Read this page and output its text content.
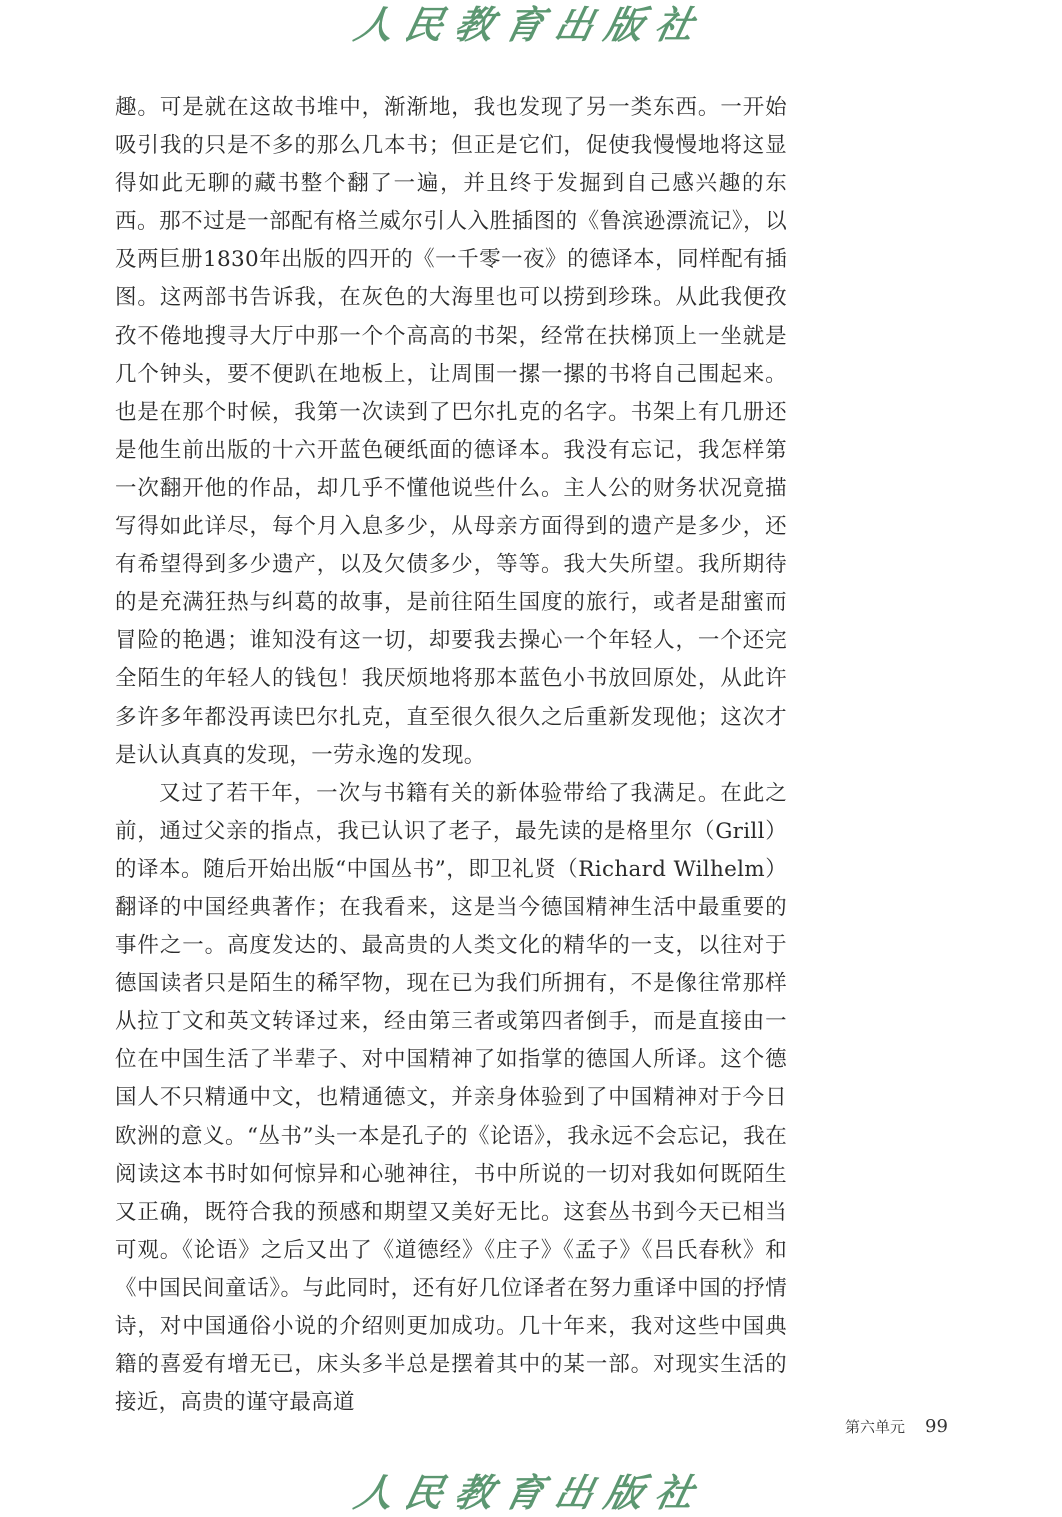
人民教育出版社

趣。可是就在这故书堆中，渐渐地，我也发现了另一类东西。一开始吸引我的只是不多的那么几本书；但正是它们，促使我慢慢地将这显得如此无聊的藏书整个翻了一遍，并且终于发掘到自己感兴趣的东西。那不过是一部配有格兰威尔引人入胜插图的《鲁滨逊漂流记》，以及两巨册1830年出版的四开的《一千零一夜》的德译本，同样配有插图。这两部书告诉我，在灰色的大海里也可以捞到珍珠。从此我便孜孜不倦地搜寻大厅中那一个个高高的书架，经常在扶梯顶上一坐就是几个钟头，要不便趴在地板上，让周围一摞一摞的书将自己围起来。也是在那个时候，我第一次读到了巴尔扎克的名字。书架上有几册还是他生前出版的十六开蓝色硬纸面的德译本。我没有忘记，我怎样第一次翻开他的作品，却几乎不懂他说些什么。主人公的财务状况竟描写得如此详尽，每个月入息多少，从母亲方面得到的遗产是多少，还有希望得到多少遗产，以及欠债多少，等等。我大失所望。我所期待的是充满狂热与纠葛的故事，是前往陌生国度的旅行，或者是甜蜜而冒险的艳遇；谁知没有这一切，却要我去操心一个年轻人，一个还完全陌生的年轻人的钱包！我厌烦地将那本蓝色小书放回原处，从此许多许多年都没再读巴尔扎克，直至很久很久之后重新发现他；这次才是认认真真的发现，一劳永逸的发现。

又过了若干年，一次与书籍有关的新体验带给了我满足。在此之前，通过父亲的指点，我已认识了老子，最先读的是格里尔（Grill）的译本。随后开始出版“中国丛书”，即卫礼贤（Richard Wilhelm）翻译的中国经典著作；在我看来，这是当今德国精神生活中最重要的事件之一。高度发达的、最高贵的人类文化的精华的一支，以往对于德国读者只是陌生的稀罕物，现在已为我们所拥有，不是像往常那样从拉丁文和英文转译过来，经由第三者或第四者倒手，而是直接由一位在中国生活了半辈子、对中国精神了如指掌的德国人所译。这个德国人不只精通中文，也精通德文，并亲身体验到了中国精神对于今日欧洲的意义。“丛书”头一本是孔子的《论语》，我永远不会忘记，我在阅读这本书时如何惊异和心驰神往，书中所说的一切对我如何既陌生又正确，既符合我的预感和期望又美好无比。这套丛书到今天已相当可观。《论语》之后又出了《道德经》《庄子》《孟子》《吕氏春秋》和《中国民间童话》。与此同时，还有好几位译者在努力重译中国的抒情诗，对中国通俗小说的介绍则更加成功。几十年来，我对这些中国典籍的喜爱有增无已，床头多半总是摆着其中的某一部。对现实生活的接近，高贵的谨守最高道

第六单元 99
人民教育出版社
